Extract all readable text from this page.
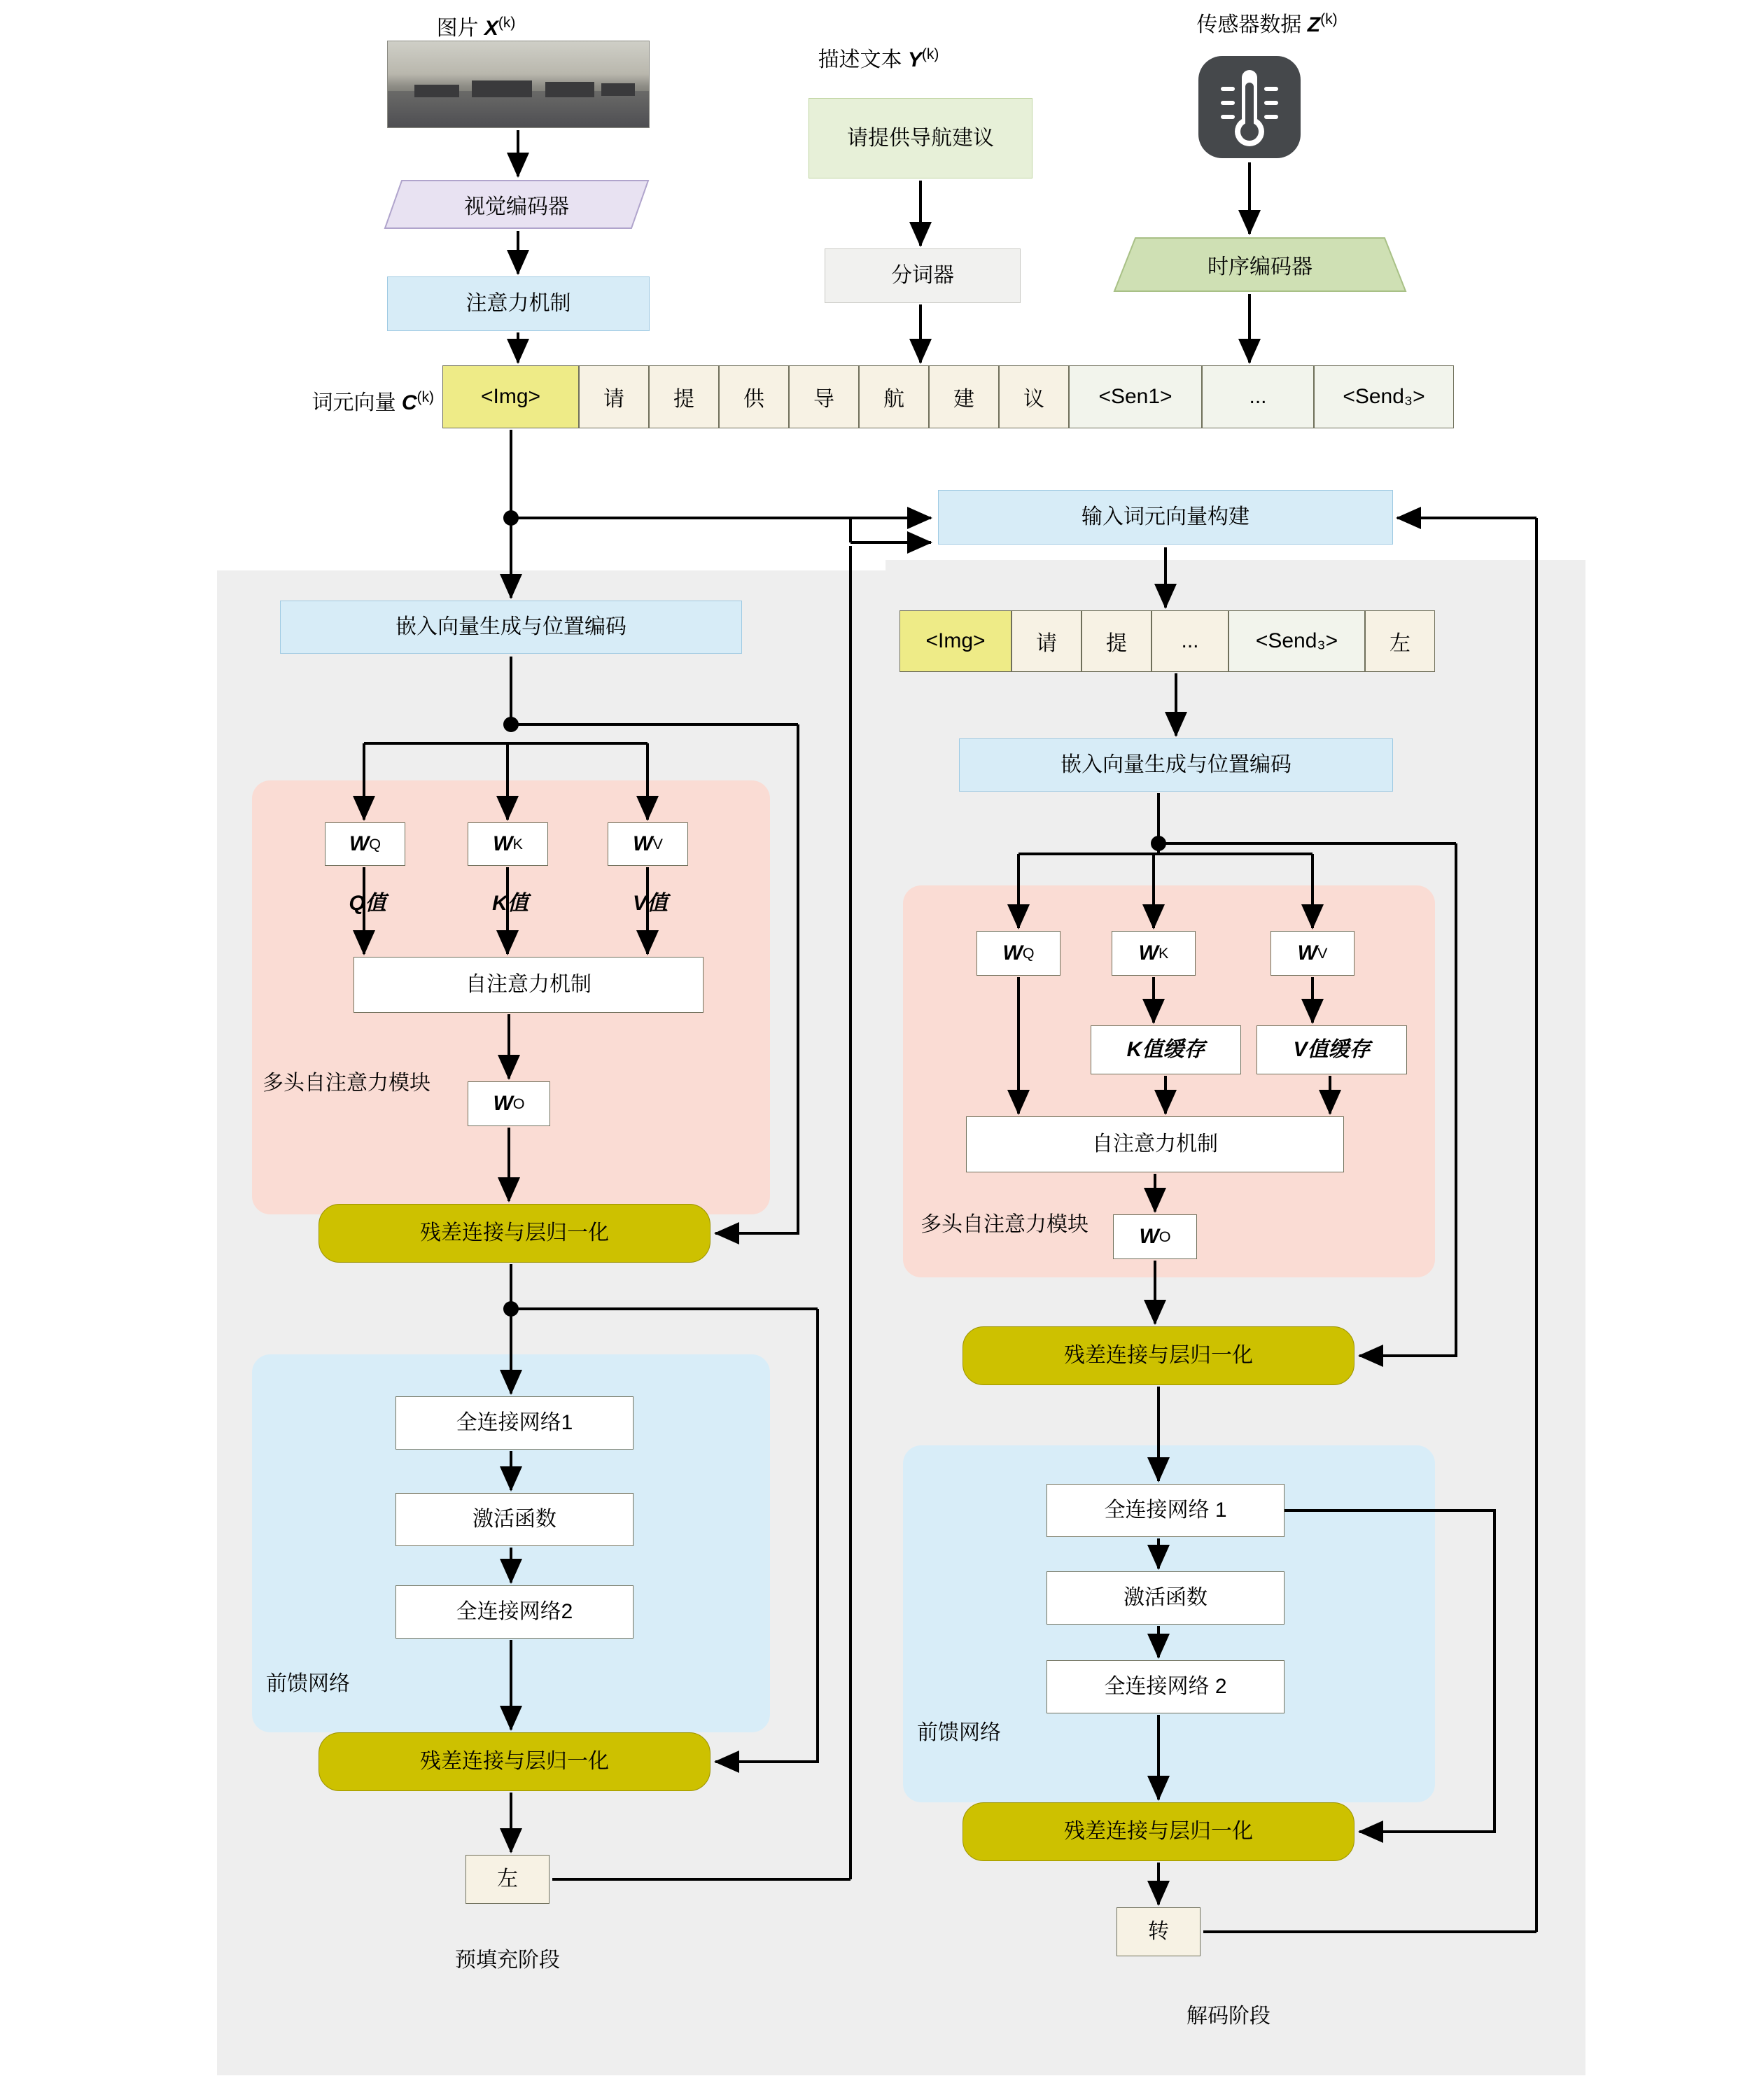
图片 $X^{(k)}$
描述文本 $Y^{(k)}$
传感器数据 $Z^{(k)}$
请提供导航建议
视觉编码器
注意力机制
分词器	时序编码器
词元向量 $C^{(k)}$	<Img>	请	提	供	导	航	建	议	<Sen1>	...	<Send₃>
输入词元向量构建
<Img>	请	提	...	<Send₃>	左
嵌入向量生成与位置编码
多头自注意力模块
W Q	W K	W V
Q值	K值	V值
自注意力机制
W O
残差连接与层归一化
前馈网络
全连接网络1
激活函数
全连接网络2
残差连接与层归一化
左
预填充阶段
嵌入向量生成与位置编码
多头自注意力模块
W Q	W K	W V
K值缓存	V值缓存
自注意力机制
W O
残差连接与层归一化
前馈网络
全连接网络 1
激活函数
全连接网络 2
残差连接与层归一化
转
解码阶段
